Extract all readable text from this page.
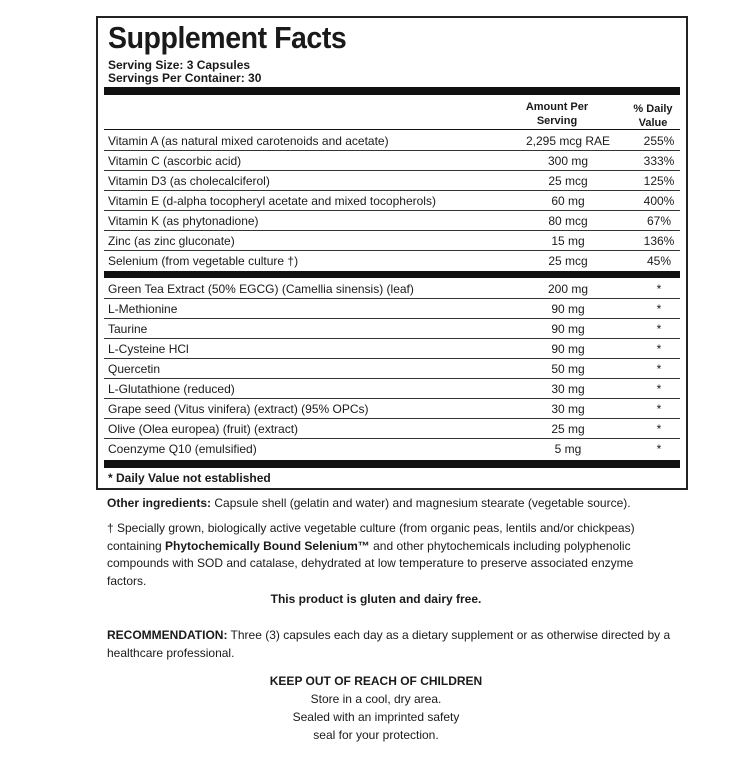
Supplement Facts
Serving Size: 3 Capsules
Servings Per Container: 30
Amount Per
Serving
% Daily
Value
Vitamin A (as natural mixed carotenoids and acetate)	2,295 mcg RAE	255%
Vitamin C (ascorbic acid)	300 mg	333%
Vitamin D3 (as cholecalciferol)	25 mcg	125%
Vitamin E (d-alpha tocopheryl acetate and mixed tocopherols)	60 mg	400%
Vitamin K (as phytonadione)	80 mcg	67%
Zinc (as zinc gluconate)	15 mg	136%
Selenium (from vegetable culture †)	25 mcg	45%
Green Tea Extract (50% EGCG) (Camellia sinensis) (leaf)	200 mg	*
L-Methionine	90 mg	*
Taurine	90 mg	*
L-Cysteine HCl	90 mg	*
Quercetin	50 mg	*
L-Glutathione (reduced)	30 mg	*
Grape seed (Vitus vinifera) (extract) (95% OPCs)	30 mg	*
Olive (Olea europea) (fruit) (extract)	25 mg	*
Coenzyme Q10 (emulsified)	5 mg	*
* Daily Value not established
Other ingredients: Capsule shell (gelatin and water) and magnesium stearate (vegetable source).
† Specially grown, biologically active vegetable culture (from organic peas, lentils and/or chickpeas) containing Phytochemically Bound Selenium™ and other phytochemicals including polyphenolic compounds with SOD and catalase, dehydrated at low temperature to preserve associated enzyme factors.
This product is gluten and dairy free.
RECOMMENDATION: Three (3) capsules each day as a dietary supplement or as otherwise directed by a healthcare professional.
KEEP OUT OF REACH OF CHILDREN
Store in a cool, dry area.
Sealed with an imprinted safety
seal for your protection.
